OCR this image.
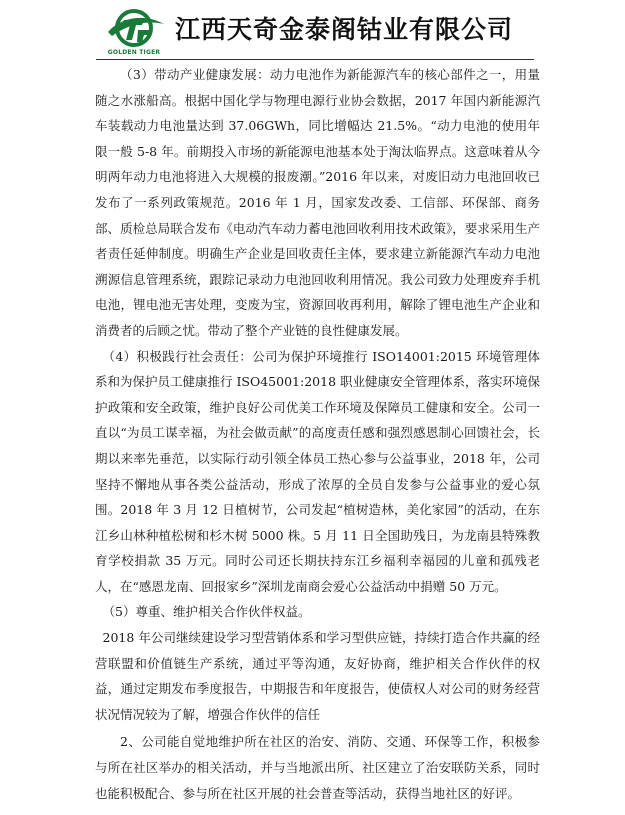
GOLDEN TIGER
江西天奇金泰阁钴业有限公司

（3）带动产业健康发展：动力电池作为新能源汽车的核心部件之一，用量随之水涨船高。根据中国化学与物理电源行业协会数据，2017 年国内新能源汽车装载动力电池量达到 37.06GWh，同比增幅达 21.5%。“动力电池的使用年限一般 5-8 年。前期投入市场的新能源电池基本处于淘汰临界点。这意味着从今明两年动力电池将进入大规模的报废潮。”2016 年以来，对废旧动力电池回收已发布了一系列政策规范。2016 年 1 月，国家发改委、工信部、环保部、商务部、质检总局联合发布《电动汽车动力蓄电池回收利用技术政策》，要求采用生产者责任延伸制度。明确生产企业是回收责任主体，要求建立新能源汽车动力电池溯源信息管理系统，跟踪记录动力电池回收利用情况。我公司致力处理废弃手机电池，锂电池无害处理，变废为宝，资源回收再利用，解除了锂电池生产企业和消费者的后顾之忧。带动了整个产业链的良性健康发展。

（4）积极践行社会责任：公司为保护环境推行 ISO14001:2015 环境管理体系和为保护员工健康推行 ISO45001:2018 职业健康安全管理体系，落实环境保护政策和安全政策，维护良好公司优美工作环境及保障员工健康和安全。公司一直以“为员工谋幸福，为社会做贡献”的高度责任感和强烈感恩制心回馈社会，长期以来率先垂范，以实际行动引领全体员工热心参与公益事业，2018 年，公司坚持不懈地从事各类公益活动，形成了浓厚的全员自发参与公益事业的爱心氛围。2018 年 3 月 12 日植树节，公司发起“植树造林，美化家园”的活动，在东江乡山林种植松树和杉木树 5000 株。5 月 11 日全国助残日，为龙南县特殊教育学校捐款 35 万元。同时公司还长期扶持东江乡福利幸福园的儿童和孤残老人，在“感恩龙南、回报家乡”深圳龙南商会爱心公益活动中捐赠 50 万元。

（5）尊重、维护相关合作伙伴权益。

2018 年公司继续建设学习型营销体系和学习型供应链，持续打造合作共赢的经营联盟和价值链生产系统，通过平等沟通，友好协商，维护相关合作伙伴的权益，通过定期发布季度报告，中期报告和年度报告，使债权人对公司的财务经营状况情况较为了解，增强合作伙伴的信任

2、公司能自觉地维护所在社区的治安、消防、交通、环保等工作，积极参与所在社区举办的相关活动，并与当地派出所、社区建立了治安联防关系，同时也能积极配合、参与所在社区开展的社会普查等活动，获得当地社区的好评。
